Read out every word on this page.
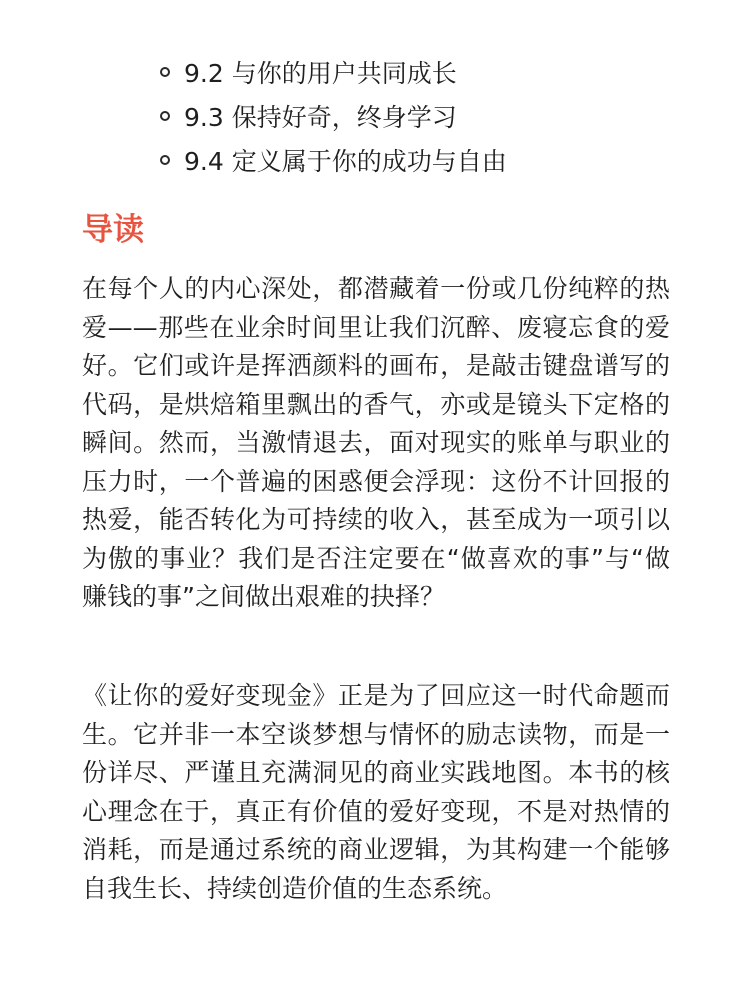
9.2 与你的用户共同成长
9.3 保持好奇，终身学习
9.4 定义属于你的成功与自由
导读

在每个人的内心深处，都潜藏着一份或几份纯粹的热爱——那些在业余时间里让我们沉醉、废寝忘食的爱好。它们或许是挥洒颜料的画布，是敲击键盘谱写的代码，是烘焙箱里飘出的香气，亦或是镜头下定格的瞬间。然而，当激情退去，面对现实的账单与职业的压力时，一个普遍的困惑便会浮现：这份不计回报的热爱，能否转化为可持续的收入，甚至成为一项引以为傲的事业？我们是否注定要在“做喜欢的事”与“做赚钱的事”之间做出艰难的抉择？

《让你的爱好变现金》正是为了回应这一时代命题而生。它并非一本空谈梦想与情怀的励志读物，而是一份详尽、严谨且充满洞见的商业实践地图。本书的核心理念在于，真正有价值的爱好变现，不是对热情的消耗，而是通过系统的商业逻辑，为其构建一个能够自我生长、持续创造价值的生态系统。
